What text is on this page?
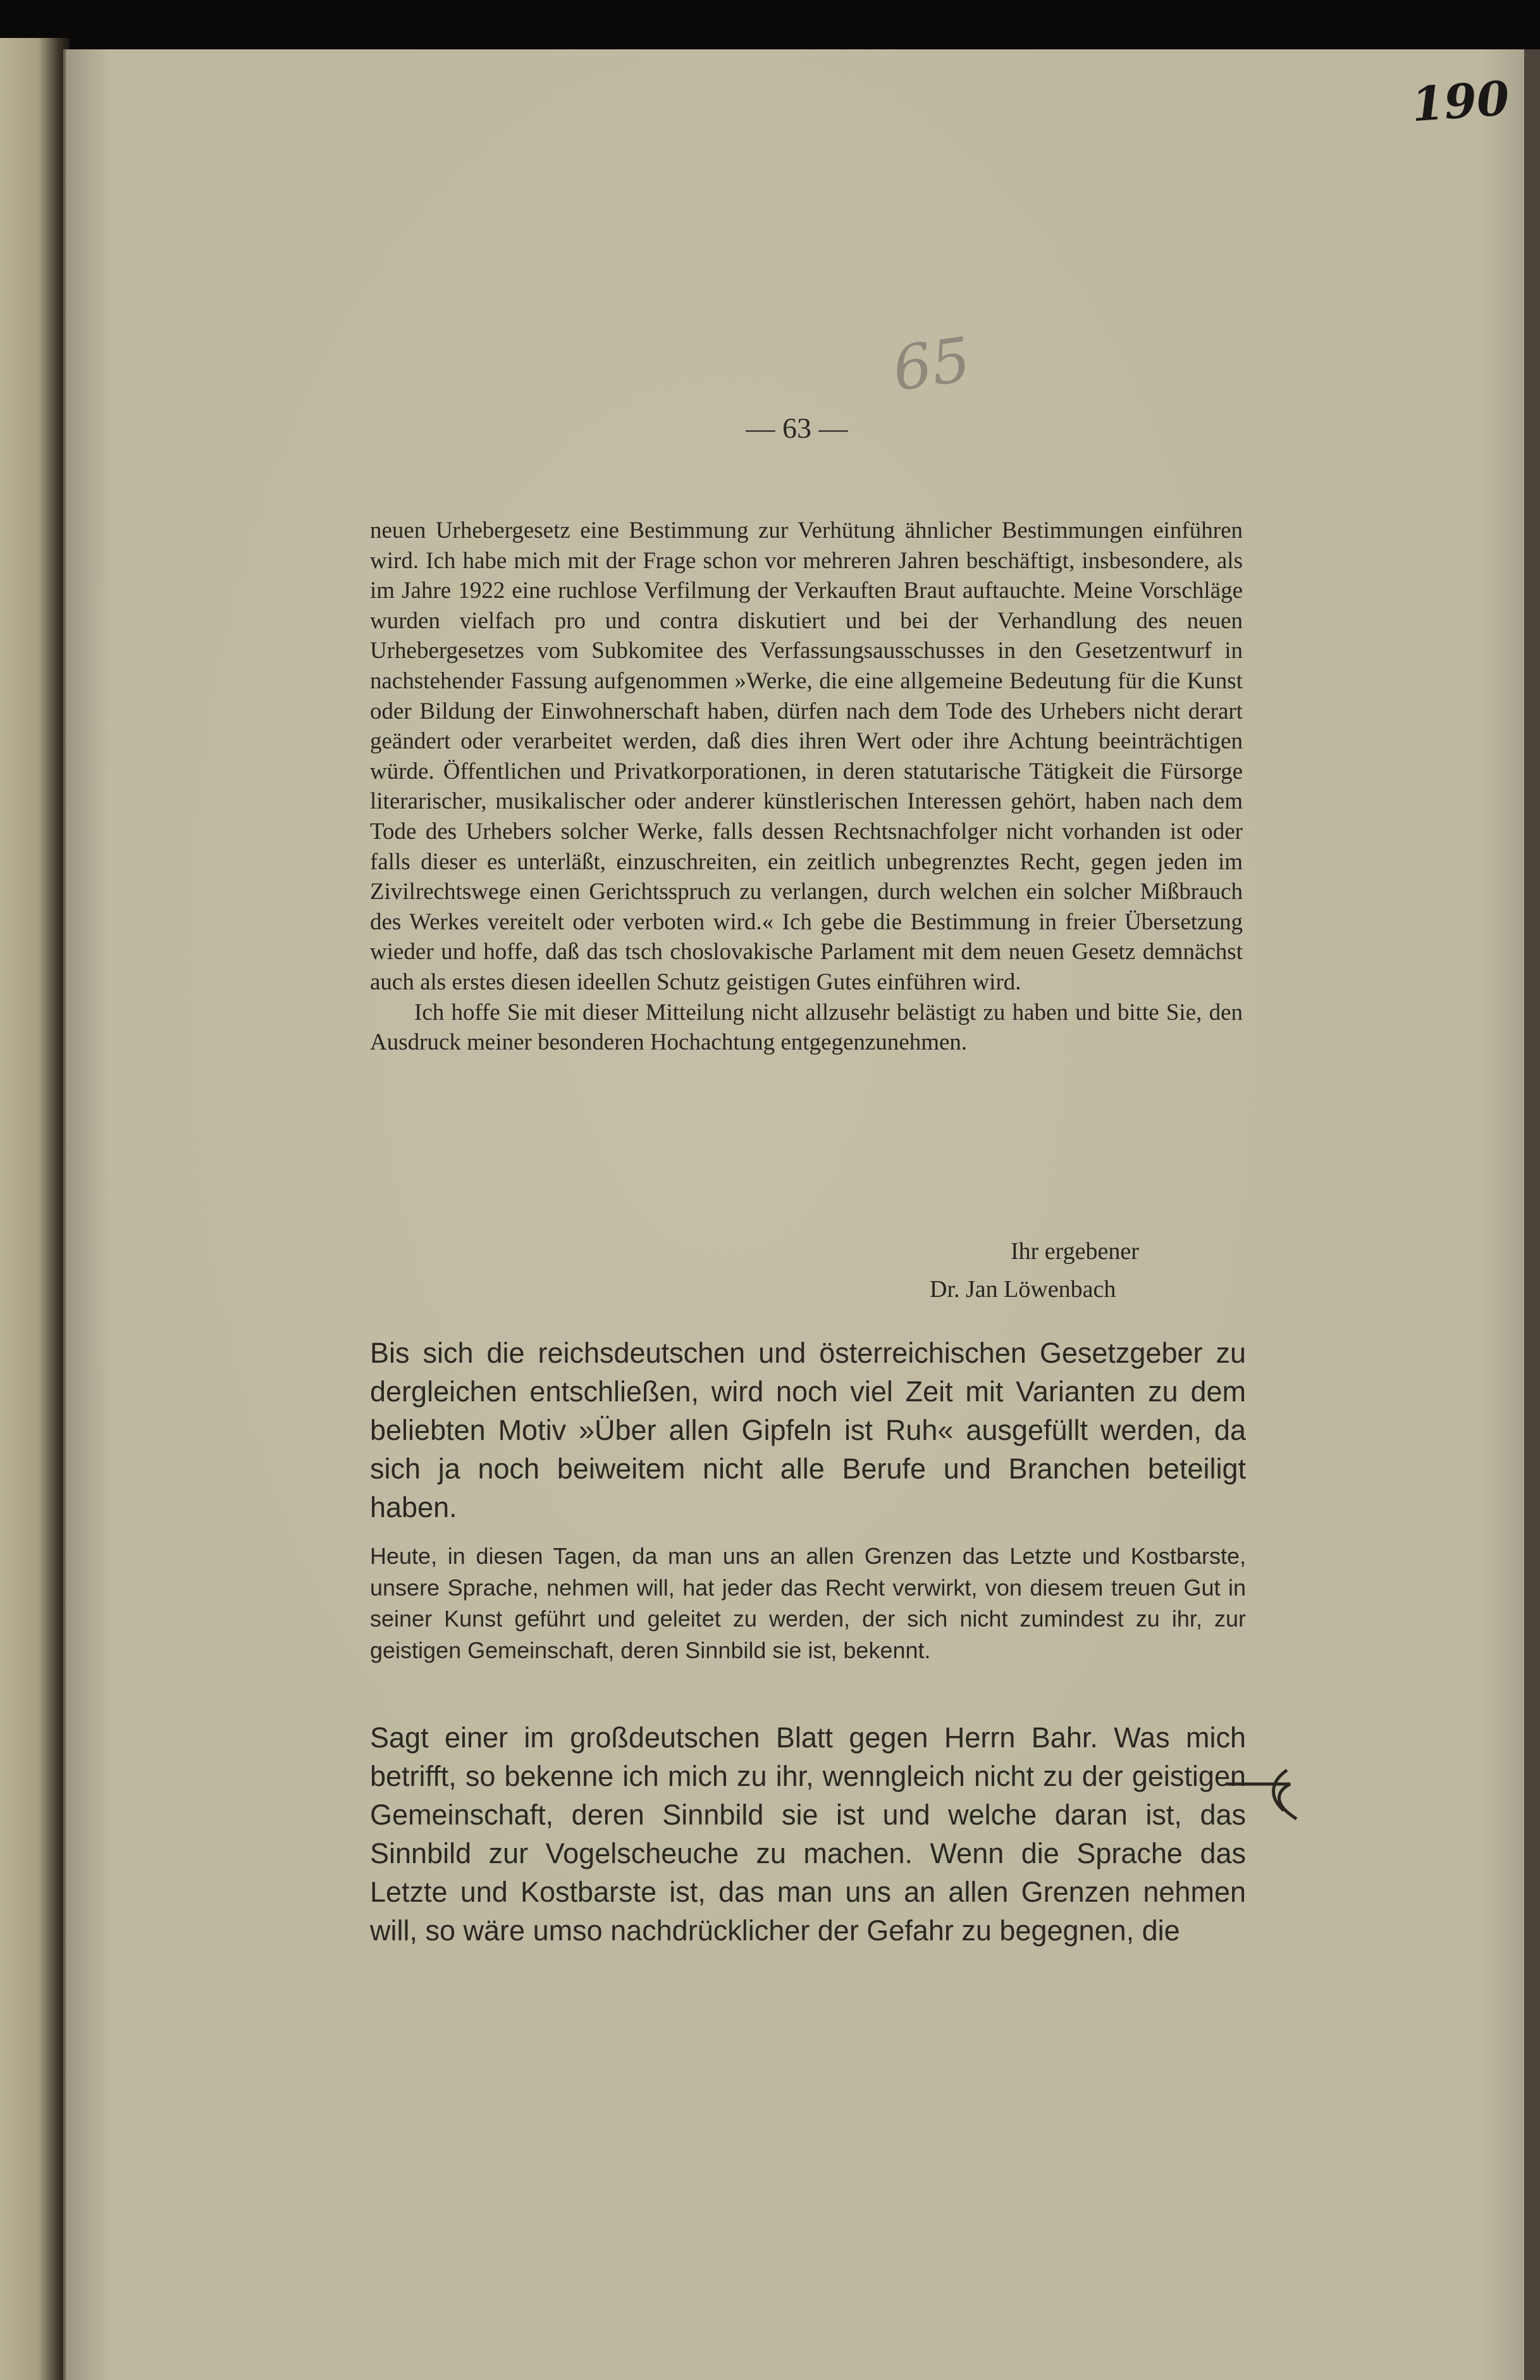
190
65
— 63 —

neuen Urhebergesetz eine Bestimmung zur Verhütung ähnlicher Bestimmungen einführen wird. Ich habe mich mit der Frage schon vor mehreren Jahren beschäftigt, insbesondere, als im Jahre 1922 eine ruchlose Verfilmung der Verkauften Braut auftauchte. Meine Vorschläge wurden vielfach pro und contra diskutiert und bei der Verhandlung des neuen Urhebergesetzes vom Subkomitee des Verfassungsausschusses in den Gesetzentwurf in nachstehender Fassung aufgenommen »Werke, die eine allgemeine Bedeutung für die Kunst oder Bildung der Einwohnerschaft haben, dürfen nach dem Tode des Urhebers nicht derart geändert oder verarbeitet werden, daß dies ihren Wert oder ihre Achtung beeinträchtigen würde. Öffentlichen und Privatkorporationen, in deren statutarische Tätigkeit die Fürsorge literarischer, musikalischer oder anderer künstlerischen Interessen gehört, haben nach dem Tode des Urhebers solcher Werke, falls dessen Rechtsnachfolger nicht vorhanden ist oder falls dieser es unterläßt, einzuschreiten, ein zeitlich unbegrenztes Recht, gegen jeden im Zivilrechtswege einen Gerichtsspruch zu verlangen, durch welchen ein solcher Mißbrauch des Werkes vereitelt oder verboten wird.« Ich gebe die Bestimmung in freier Übersetzung wieder und hoffe, daß das tsch choslovakische Parlament mit dem neuen Gesetz demnächst auch als erstes diesen ideellen Schutz geistigen Gutes einführen wird.

Ich hoffe Sie mit dieser Mitteilung nicht allzusehr belästigt zu haben und bitte Sie, den Ausdruck meiner besonderen Hochachtung entgegenzunehmen.

Ihr ergebener
Dr. Jan Löwenbach

Bis sich die reichsdeutschen und österreichischen Gesetzgeber zu dergleichen entschließen, wird noch viel Zeit mit Varianten zu dem beliebten Motiv »Über allen Gipfeln ist Ruh« ausgefüllt werden, da sich ja noch beiweitem nicht alle Berufe und Branchen beteiligt haben.

Heute, in diesen Tagen, da man uns an allen Grenzen das Letzte und Kostbarste, unsere Sprache, nehmen will, hat jeder das Recht verwirkt, von diesem treuen Gut in seiner Kunst geführt und geleitet zu werden, der sich nicht zumindest zu ihr, zur geistigen Gemeinschaft, deren Sinnbild sie ist, bekennt.

Sagt einer im großdeutschen Blatt gegen Herrn Bahr. Was mich betrifft, so bekenne ich mich zu ihr, wenngleich nicht zu der geistigen Gemeinschaft, deren Sinnbild sie ist und welche daran ist, das Sinnbild zur Vogelscheuche zu machen. Wenn die Sprache das Letzte und Kostbarste ist, das man uns an allen Grenzen nehmen will, so wäre umso nachdrücklicher der Gefahr zu begegnen, die
